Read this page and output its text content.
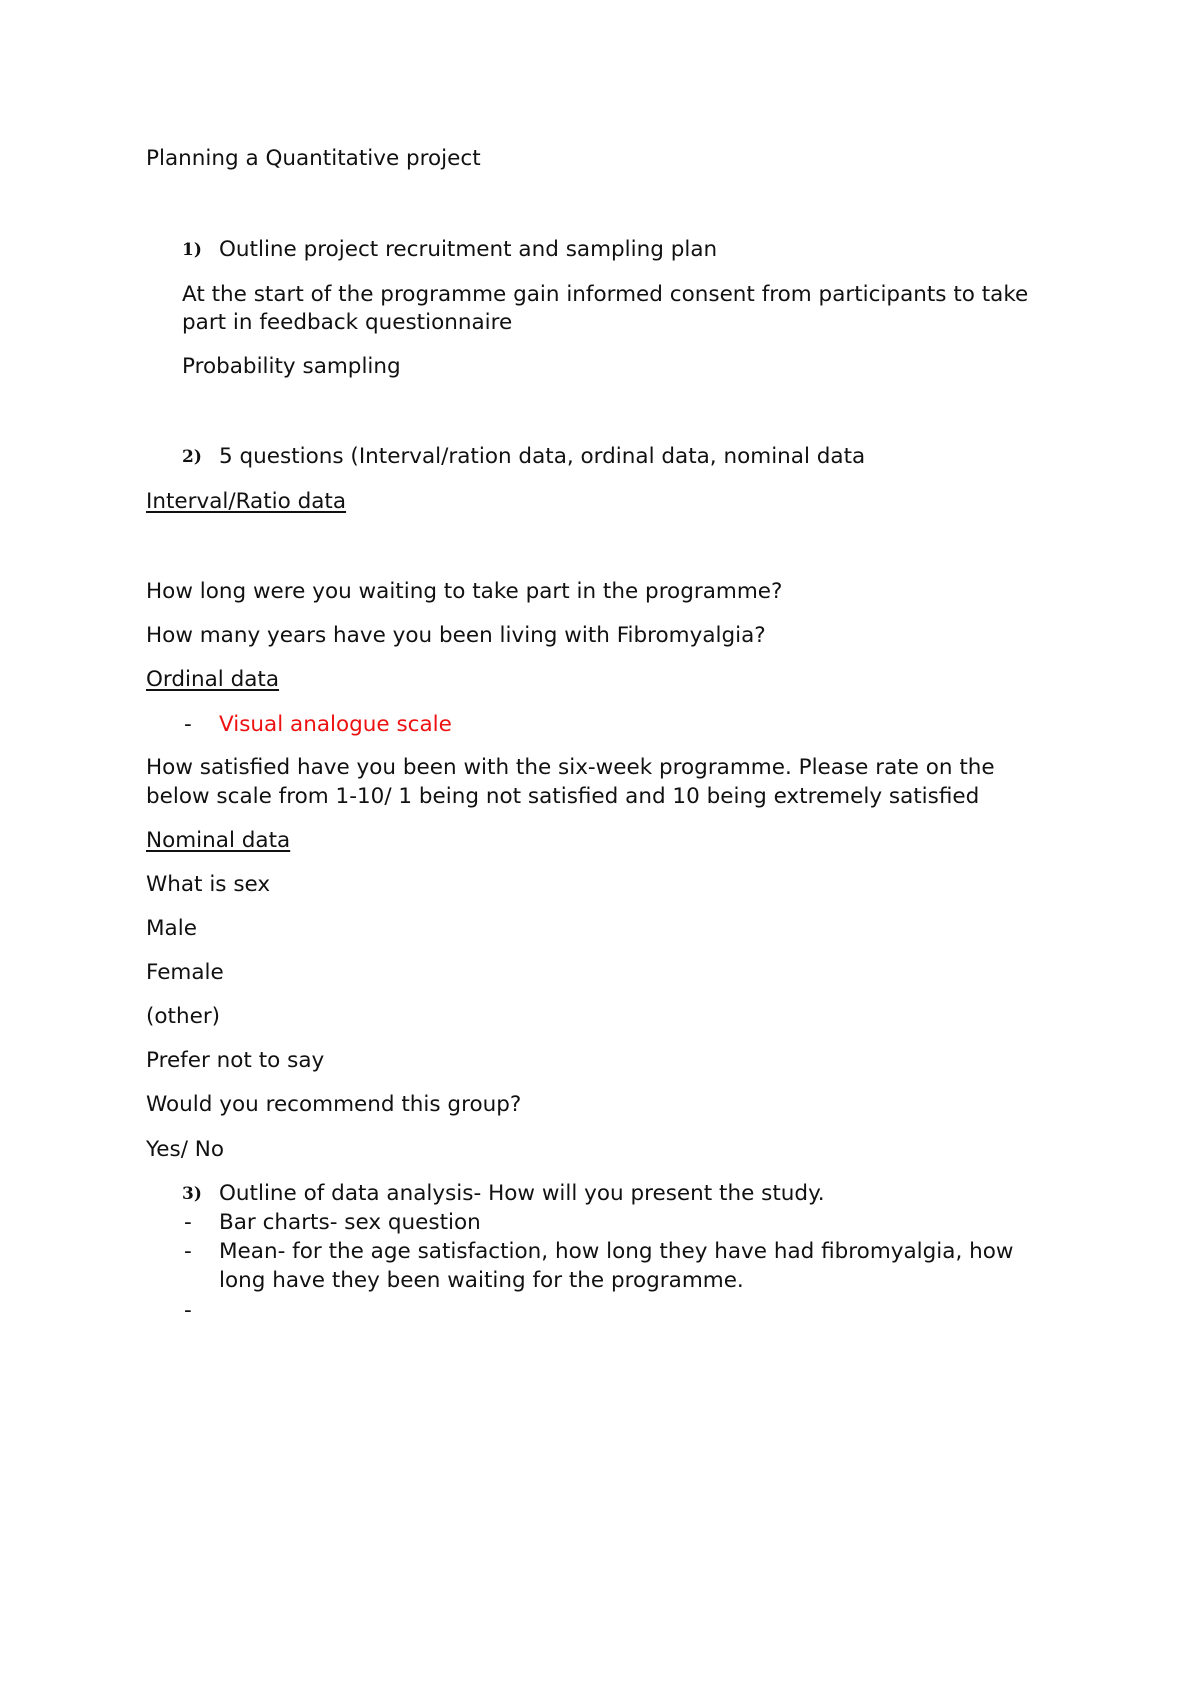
Planning a Quantitative project
1) Outline project recruitment and sampling plan
At the start of the programme gain informed consent from participants to take
part in feedback questionnaire
Probability sampling
2) 5 questions (Interval/ration data, ordinal data, nominal data
Interval/Ratio data
How long were you waiting to take part in the programme?
How many years have you been living with Fibromyalgia?
Ordinal data
- Visual analogue scale
How satisfied have you been with the six-week programme. Please rate on the
below scale from 1-10/ 1 being not satisfied and 10 being extremely satisfied
Nominal data
What is sex
Male
Female
(other)
Prefer not to say
Would you recommend this group?
Yes/ No
3) Outline of data analysis- How will you present the study.
- Bar charts- sex question
- Mean- for the age satisfaction, how long they have had fibromyalgia, how
long have they been waiting for the programme.
-
